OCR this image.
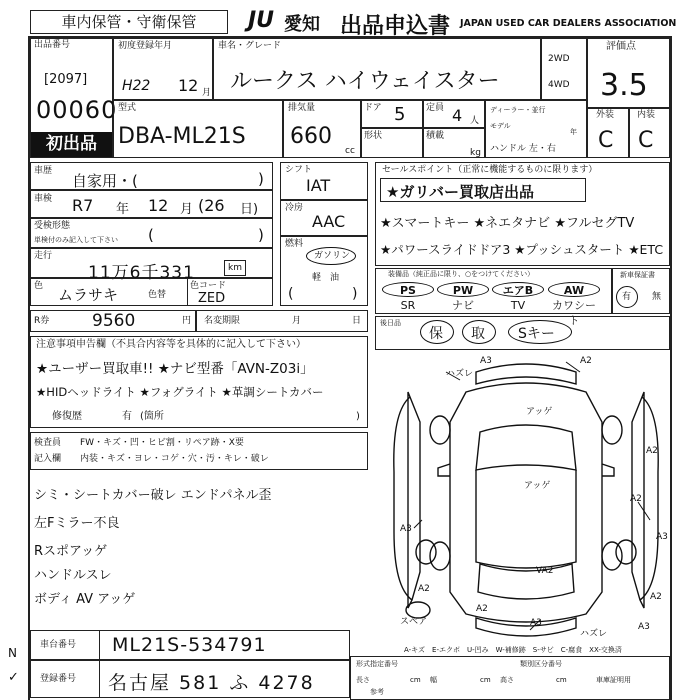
車内保管・守衛保管	JU 愛知 出品申込書 JAPAN USED CAR DEALERS ASSOCIATION
出品番号
[2097]
00060
初出品
初度登録年月
H22 12 月
車名・グレード
ルークス ハイウェイスター
2WD
4WD
評価点
3.5
型式
DBA-ML21S
排気量
660
cc
ドア 5 定員 4 人
形状	積載
kg
ディーラー・並行
モデル
年
ハンドル 左・右
外装
C
内装
C
車歴
自家用・(	)
車検 R7 年 12 月 (26 日)
受検形態
単検付のみ記入して下さい (	)
走行
11万6千331	km
色 ムラサキ	色替
色コード
ZED
R券	9560	円 名変期限	月	日
シフト
IAT
冷房
AAC
燃料
ガソリン
軽　油
(	)
セールスポイント（正常に機能するものに限ります）
★ガリバー買取店出品
★スマートキー ★ネエタナビ ★フルセグTV
★パワースライドドア3 ★プッシュスタート ★ETC
装備品（純正品に限り、○をつけてください）
PS	PW	エアB	AW
SR	ナビ	TV	カワシート
新車保証書
有 無
後日品
保 取 Sキー
注意事項申告欄（不具合内容等を具体的に記入して下さい）
★ユーザー買取車!! ★ナビ型番「AVN-Z03i」
★HIDヘッドライト ★フォグライト ★革調シートカバー
修復歴	有 (箇所	)
検査員
記入欄
FW・キズ・凹・ヒビ割・リペア跡・X要
内装・キズ・ヨレ・コゲ・穴・汚・キレ・破レ
シミ・シートカバー破レ エンドパネル歪
左Fミラー不良
Rスポアッゲ
ハンドルスレ
ボディ AV アッゲ
A3	A2
ハズレ
アッゲ
アッゲ
A2
A2
A3
A3
A2
A2
VA2
A2
A3	A3
ハズレ
スペア
A-キズ　E-エクボ　U-凹み　W-補修跡　S-サビ　C-腐食　XX-交換済
N
✓
車台番号 ML21S-534791
登録番号 名古屋 581 ふ 4278
形式指定番号	類別区分番号
長さ	cm 幅	cm 高さ	cm
参考
車庫証明用
